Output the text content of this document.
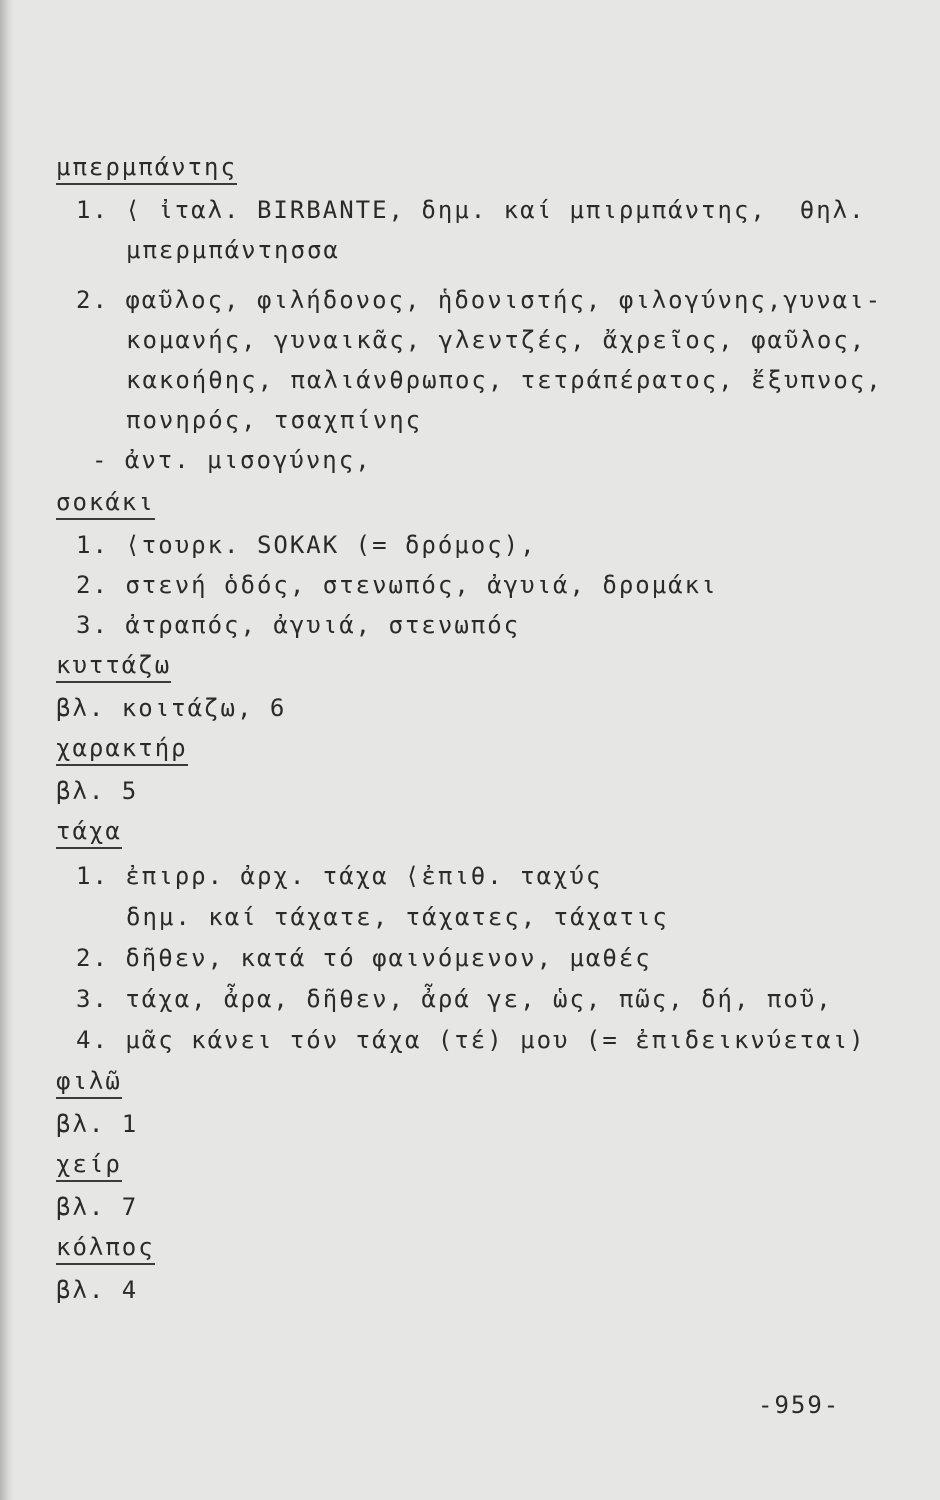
μπερμπάντης
1. ⟨ ἰταλ. BIRBANTE, δημ. καί μπιρμπάντης,  θηλ.
μπερμπάντησσα
2. φαῦλος, φιλήδονος, ἡδονιστής, φιλογύνης,γυναι-
κομανής, γυναικᾶς, γλεντζές, ἄχρεῖος, φαῦλος,
κακοήθης, παλιάνθρωπος, τετράπέρατος, ἔξυπνος,
πονηρός, τσαχπίνης
- ἀντ. μισογύνης,
σοκάκι
1. ⟨τουρκ. SOKAK (= δρόμος),
2. στενή ὁδός, στενωπός, ἀγυιά, δρομάκι
3. ἀτραπός, ἀγυιά, στενωπός
κυττάζω
βλ. κοιτάζω, 6
χαρακτήρ
βλ. 5
τάχα
1. ἐπιρρ. ἀρχ. τάχα ⟨ἐπιθ. ταχύς
δημ. καί τάχατε, τάχατες, τάχατις
2. δῆθεν, κατά τό φαινόμενον, μαθές
3. τάχα, ἆρα, δῆθεν, ἆρά γε, ὡς, πῶς, δή, ποῦ,
4. μᾶς κάνει τόν τάχα (τέ) μου (= ἐπιδεικνύεται)
φιλῶ
βλ. 1
χείρ
βλ. 7
κόλπος
βλ. 4
-959-
